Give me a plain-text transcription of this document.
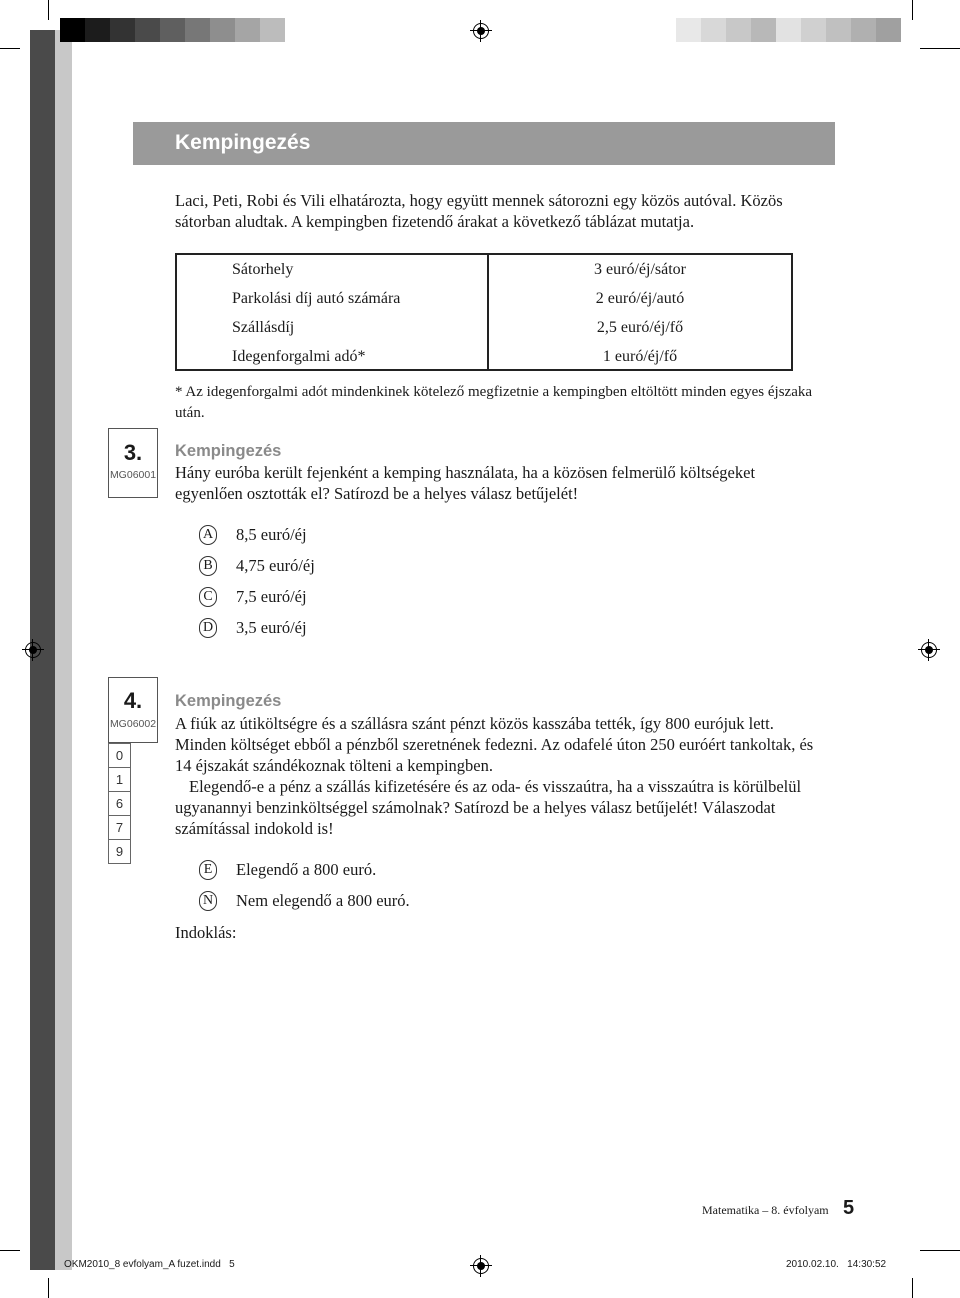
Kempingezés
Laci, Peti, Robi és Vili elhatározta, hogy együtt mennek sátorozni egy közös autóval. Közös sátorban aludtak. A kempingben fizetendő árakat a következő táblázat mutatja.
Sátorhely
Parkolási díj autó számára
Szállásdíj
Idegenforgalmi adó*
3 euró/éj/sátor
2 euró/éj/autó
2,5 euró/éj/fő
1 euró/éj/fő
* Az idegenforgalmi adót mindenkinek kötelező megfizetnie a kempingben eltöltött minden egyes éjszaka után.
3.
MG06001
Kempingezés
Hány euróba került fejenként a kemping használata, ha a közösen felmerülő költségeket egyenlően osztották el? Satírozd be a helyes válasz betűjelét!
A 8,5 euró/éj
B 4,75 euró/éj
C 7,5 euró/éj
D 3,5 euró/éj
4.
MG06002
0
1
6
7
9
Kempingezés
A fiúk az útiköltségre és a szállásra szánt pénzt közös kasszába tették, így 800 eurójuk lett. Minden költséget ebből a pénzből szeretnének fedezni. Az odafelé úton 250 euróért tankoltak, és 14 éjszakát szándékoznak tölteni a kempingben.
Elegendő-e a pénz a szállás kifizetésére és az oda- és visszaútra, ha a visszaútra is körülbelül ugyanannyi benzinköltséggel számolnak? Satírozd be a helyes válasz betűjelét! Válaszodat számítással indokold is!
E Elegendő a 800 euró.
N Nem elegendő a 800 euró.
Indoklás:
Matematika – 8. évfolyam 5
OKM2010_8 evfolyam_A fuzet.indd   5	2010.02.10.   14:30:52
